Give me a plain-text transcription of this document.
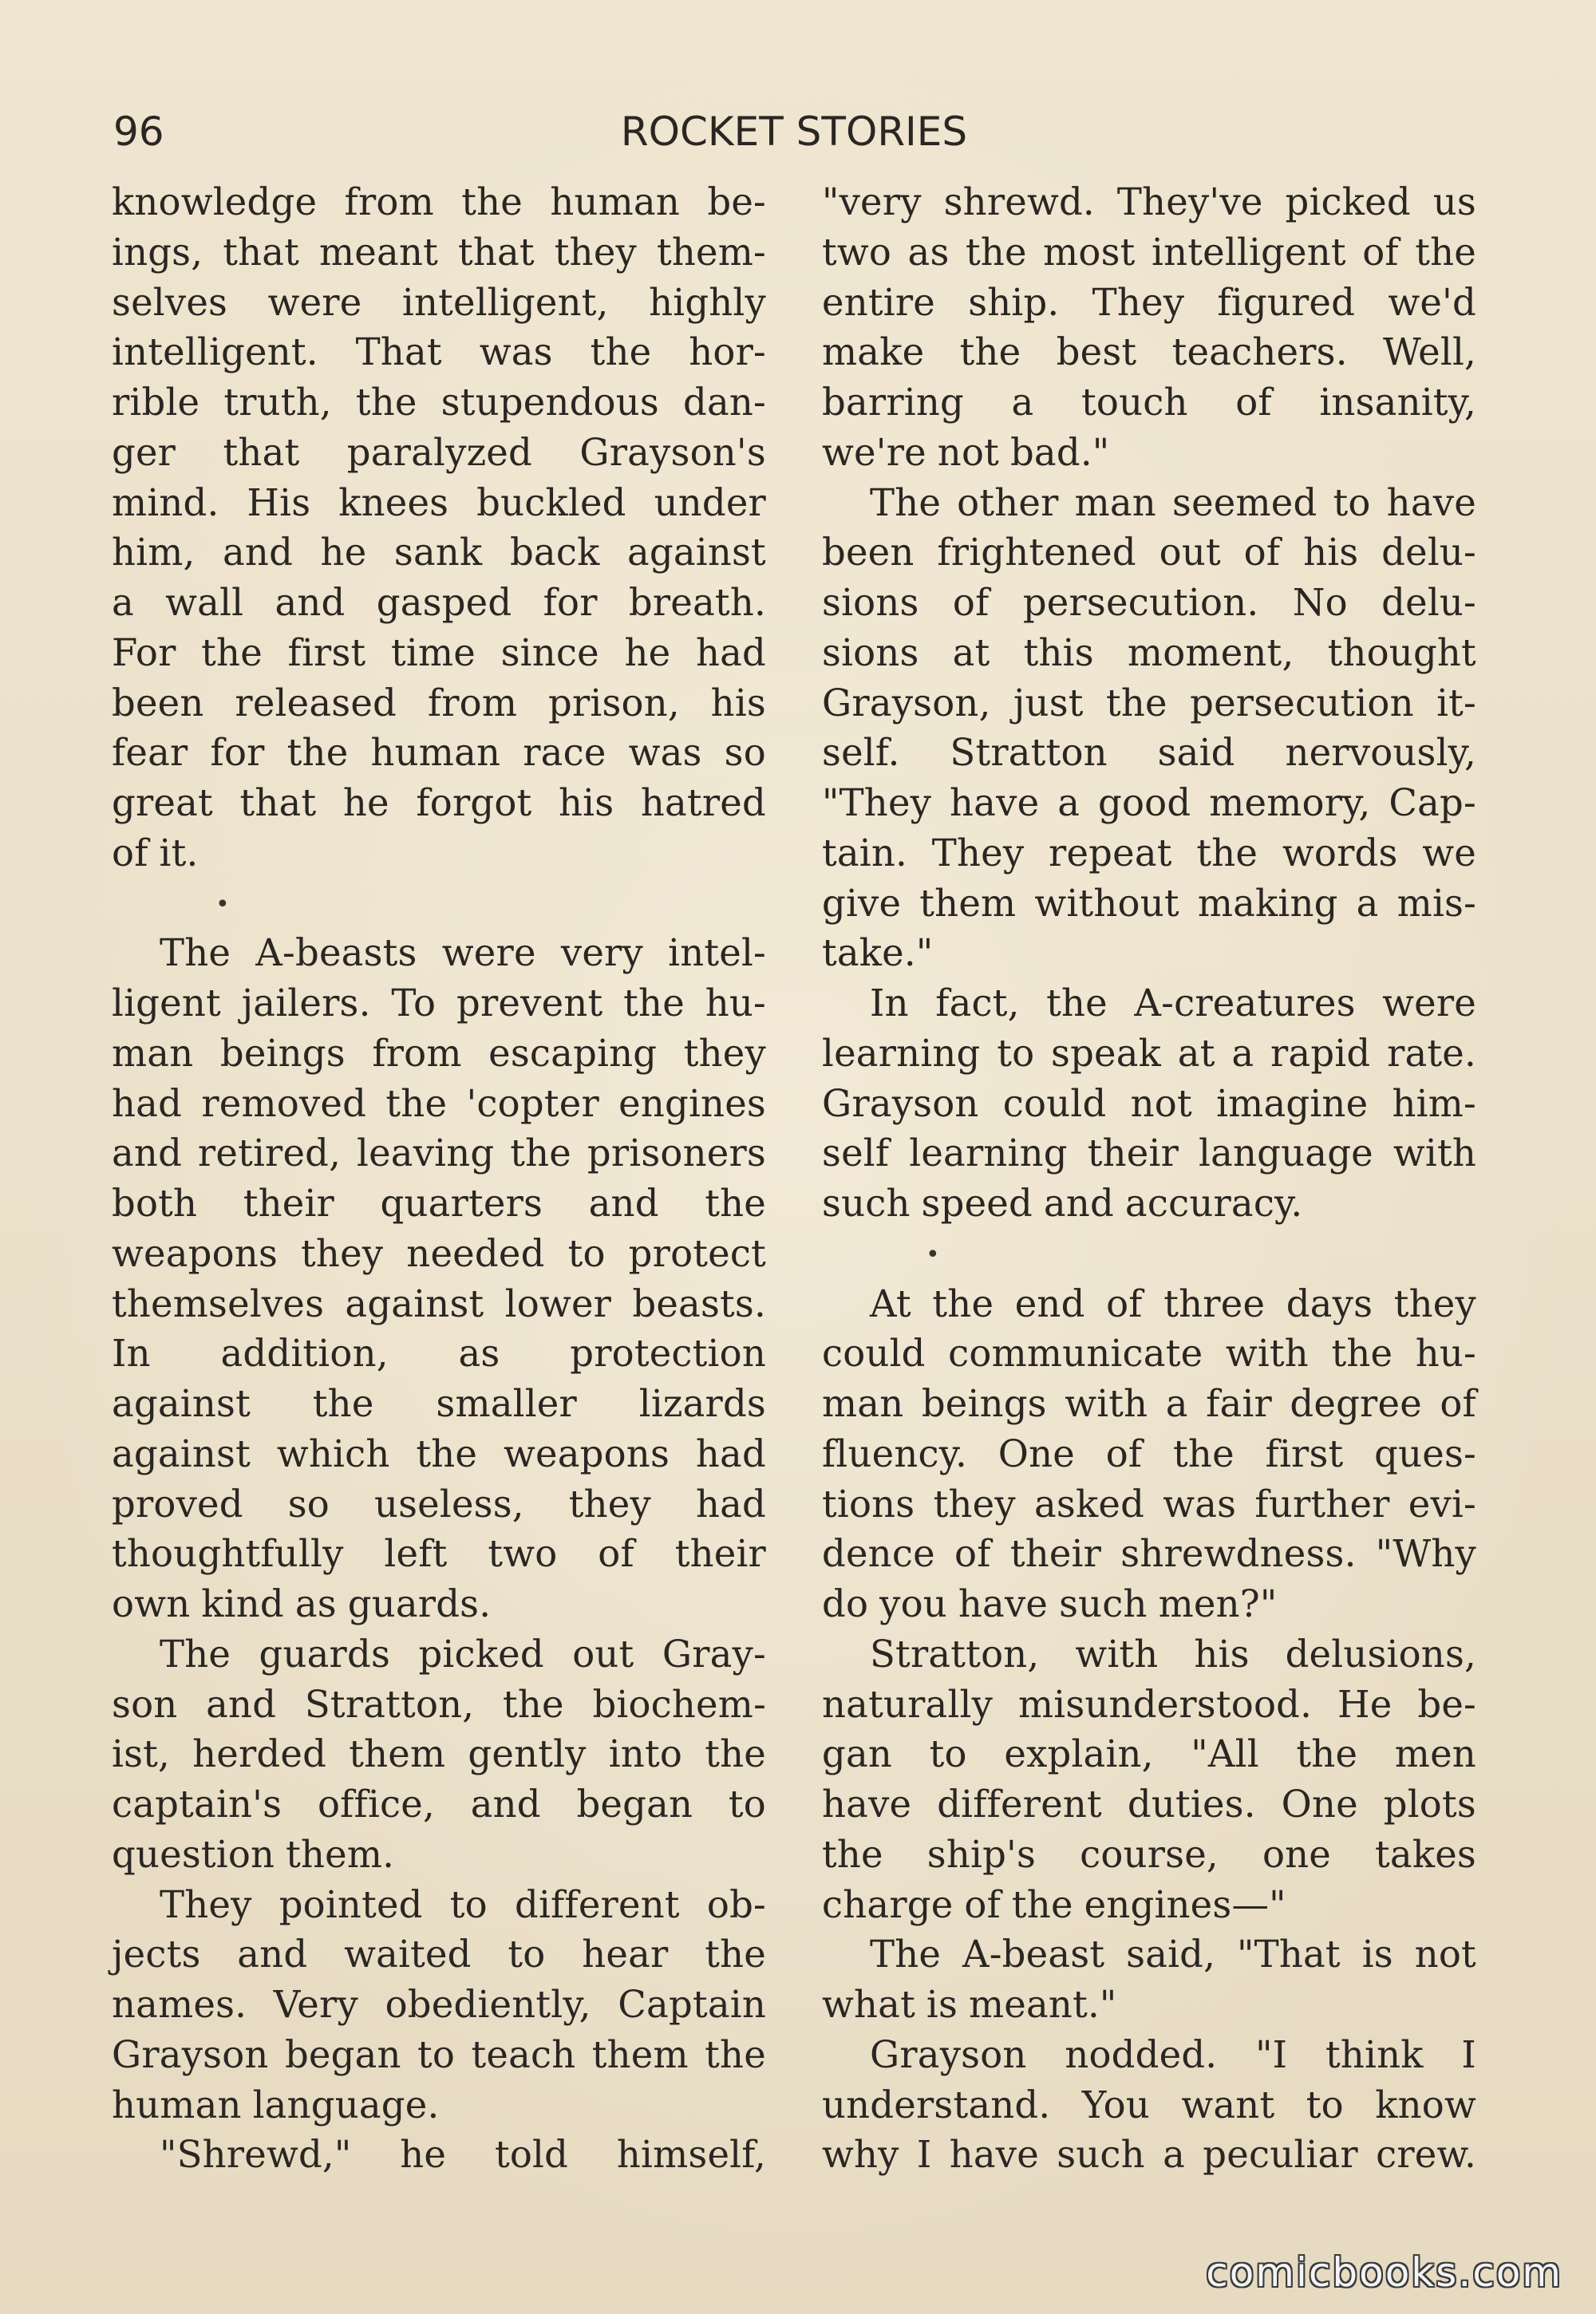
96	ROCKET STORIES
knowledge from the human be-
ings, that meant that they them-
selves were intelligent, highly
intelligent. That was the hor-
rible truth, the stupendous dan-
ger that paralyzed Grayson's
mind. His knees buckled under
him, and he sank back against
a wall and gasped for breath.
For the first time since he had
been released from prison, his
fear for the human race was so
great that he forgot his hatred
of it.
•
The A-beasts were very intel-
ligent jailers. To prevent the hu-
man beings from escaping they
had removed the 'copter engines
and retired, leaving the prisoners
both their quarters and the
weapons they needed to protect
themselves against lower beasts.
In addition, as protection
against the smaller lizards
against which the weapons had
proved so useless, they had
thoughtfully left two of their
own kind as guards.
The guards picked out Gray-
son and Stratton, the biochem-
ist, herded them gently into the
captain's office, and began to
question them.
They pointed to different ob-
jects and waited to hear the
names. Very obediently, Captain
Grayson began to teach them the
human language.
"Shrewd," he told himself,
"very shrewd. They've picked us
two as the most intelligent of the
entire ship. They figured we'd
make the best teachers. Well,
barring a touch of insanity,
we're not bad."
The other man seemed to have
been frightened out of his delu-
sions of persecution. No delu-
sions at this moment, thought
Grayson, just the persecution it-
self. Stratton said nervously,
"They have a good memory, Cap-
tain. They repeat the words we
give them without making a mis-
take."
In fact, the A-creatures were
learning to speak at a rapid rate.
Grayson could not imagine him-
self learning their language with
such speed and accuracy.
•
At the end of three days they
could communicate with the hu-
man beings with a fair degree of
fluency. One of the first ques-
tions they asked was further evi-
dence of their shrewdness. "Why
do you have such men?"
Stratton, with his delusions,
naturally misunderstood. He be-
gan to explain, "All the men
have different duties. One plots
the ship's course, one takes
charge of the engines—"
The A-beast said, "That is not
what is meant."
Grayson nodded. "I think I
understand. You want to know
why I have such a peculiar crew.
comicbooks.com
